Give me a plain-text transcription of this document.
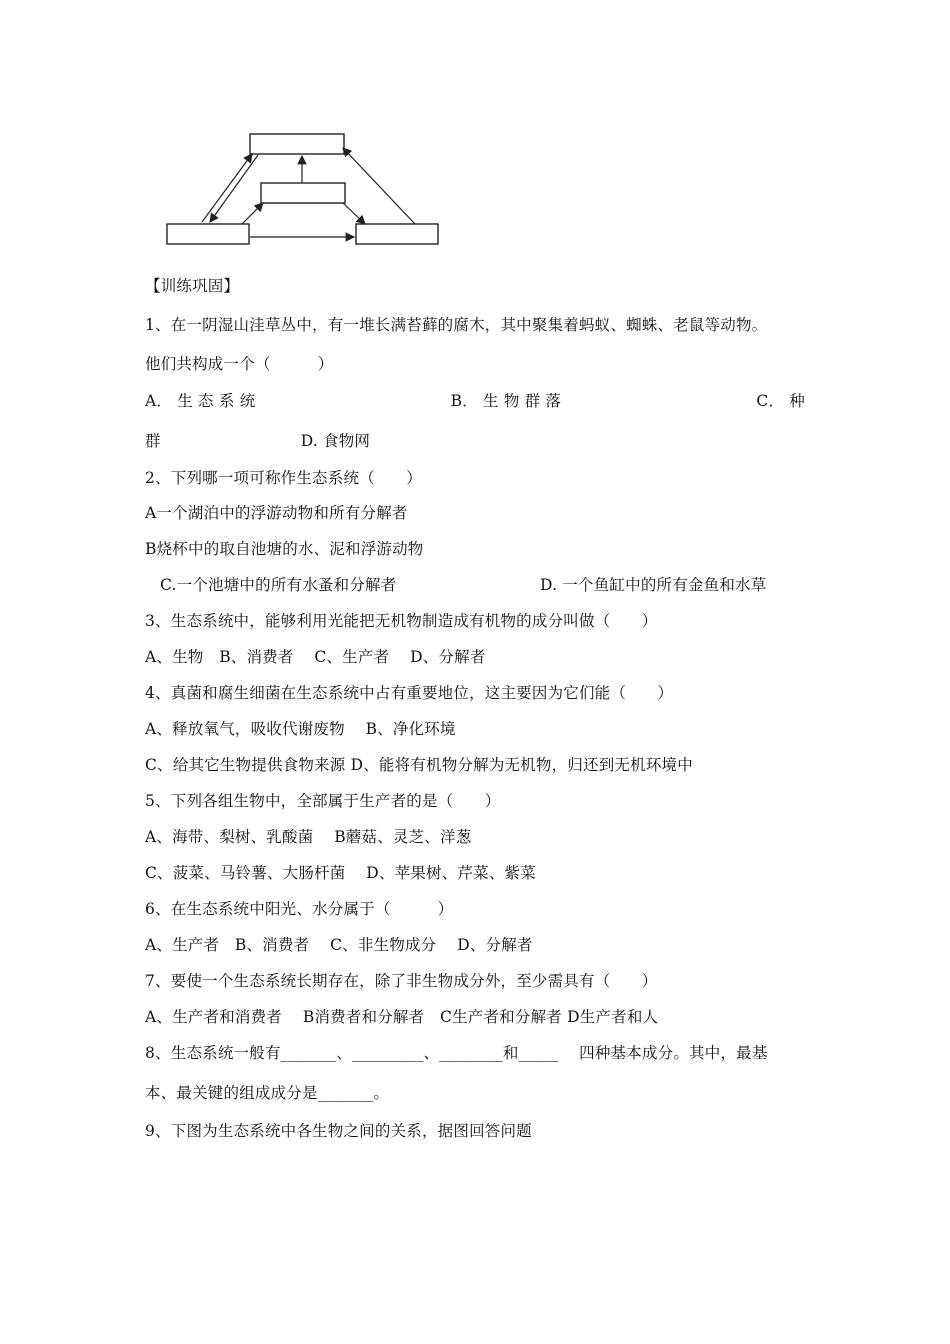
【训练巩固】
1、在一阴湿山洼草丛中，有一堆长满苔藓的腐木，其中聚集着蚂蚁、蜘蛛、老鼠等动物。
他们共构成一个（　　　）
A． 生 态 系 统	B． 生 物 群 落	C． 种
群	D. 食物网
2、下列哪一项可称作生态系统（　　）
A一个湖泊中的浮游动物和所有分解者
B烧杯中的取自池塘的水、泥和浮游动物
C.一个池塘中的所有水蚤和分解者	D. 一个鱼缸中的所有金鱼和水草
3、生态系统中，能够利用光能把无机物制造成有机物的成分叫做（　　）
A、生物　B、消费者　 C、生产者　 D、分解者
4、真菌和腐生细菌在生态系统中占有重要地位，这主要因为它们能（　　）
A、释放氧气，吸收代谢废物　 B、净化环境
C、给其它生物提供食物来源 D、能将有机物分解为无机物，归还到无机环境中
5、下列各组生物中，全部属于生产者的是（　　）
A、海带、梨树、乳酸菌　 B蘑菇、灵芝、洋葱
C、菠菜、马铃薯、大肠杆菌　 D、苹果树、芹菜、紫菜
6、在生态系统中阳光、水分属于（　　　）
A、生产者　B、消费者　 C、非生物成分　 D、分解者
7、要使一个生态系统长期存在，除了非生物成分外，至少需具有（　　）
A、生产者和消费者　 B消费者和分解者　C生产者和分解者 D生产者和人
8、生态系统一般有_______、_________、________和_____　 四种基本成分。其中，最基
本、最关键的组成成分是_______。
9、下图为生态系统中各生物之间的关系，据图回答问题
